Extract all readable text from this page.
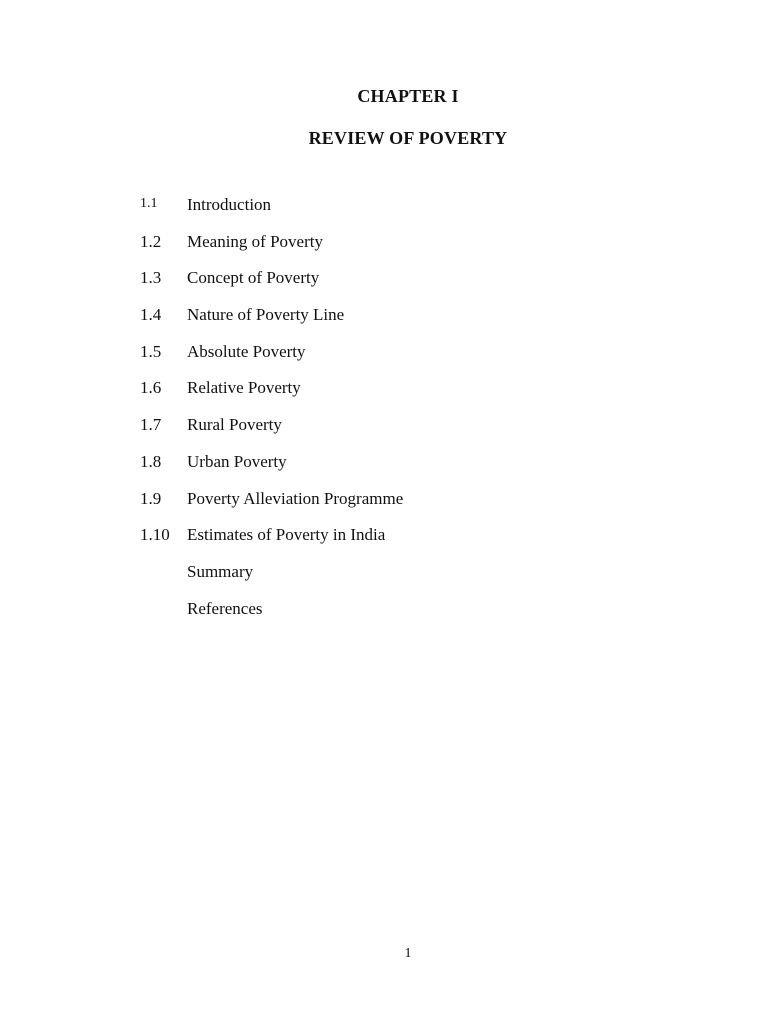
CHAPTER I
REVIEW OF POVERTY
1.1	Introduction
1.2	Meaning of Poverty
1.3	Concept of Poverty
1.4	Nature of Poverty Line
1.5	Absolute Poverty
1.6	Relative Poverty
1.7	Rural Poverty
1.8	Urban Poverty
1.9	Poverty Alleviation Programme
1.10	Estimates of Poverty in India
Summary
References
1
